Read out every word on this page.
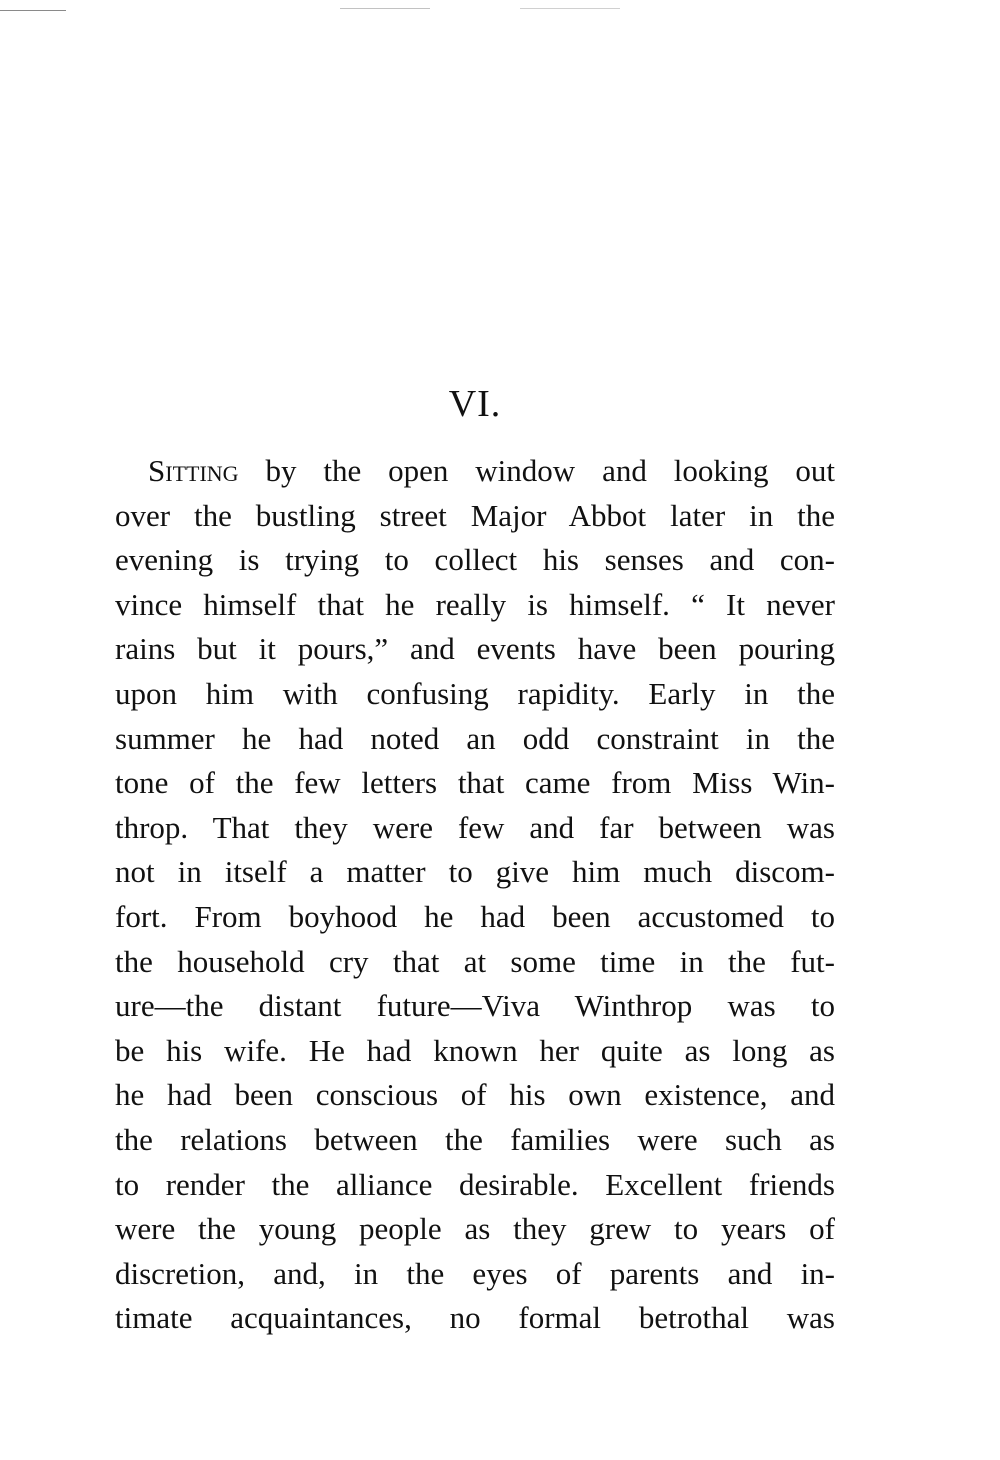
VI.
Sitting by the open window and looking out
over the bustling street Major Abbot later in the
evening is trying to collect his senses and con-
vince himself that he really is himself. “ It never
rains but it pours,” and events have been pouring
upon him with confusing rapidity. Early in the
summer he had noted an odd constraint in the
tone of the few letters that came from Miss Win-
throp. That they were few and far between was
not in itself a matter to give him much discom-
fort. From boyhood he had been accustomed to
the household cry that at some time in the fut-
ure—the distant future—Viva Winthrop was to
be his wife. He had known her quite as long as
he had been conscious of his own existence, and
the relations between the families were such as
to render the alliance desirable. Excellent friends
were the young people as they grew to years of
discretion, and, in the eyes of parents and in-
timate acquaintances, no formal betrothal was
